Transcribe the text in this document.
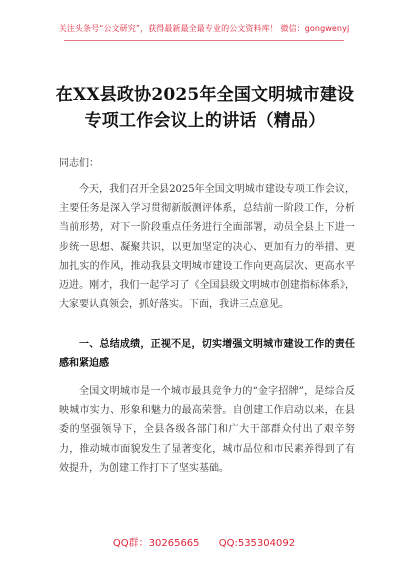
关注头条号“公文研究”，获得最新最全最专业的公文资料库！ 微信：gongwenyj
在XX县政协2025年全国文明城市建设专项工作会议上的讲话（精品）
同志们：
今天，我们召开全县2025年全国文明城市建设专项工作会议，主要任务是深入学习贯彻新版测评体系，总结前一阶段工作，分析当前形势，对下一阶段重点任务进行全面部署，动员全县上下进一步统一思想、凝聚共识，以更加坚定的决心、更加有力的举措、更加扎实的作风，推动我县文明城市建设工作向更高层次、更高水平迈进。刚才，我们一起学习了《全国县级文明城市创建指标体系》，大家要认真领会，抓好落实。下面，我讲三点意见。
一、总结成绩，正视不足，切实增强文明城市建设工作的责任感和紧迫感
全国文明城市是一个城市最具竞争力的“金字招牌”，是综合反映城市实力、形象和魅力的最高荣誉。自创建工作启动以来，在县委的坚强领导下，全县各级各部门和广大干部群众付出了艰辛努力，推动城市面貌发生了显著变化，城市品位和市民素养得到了有效提升，为创建工作打下了坚实基础。
QQ群：30265665 QQ:535304092
